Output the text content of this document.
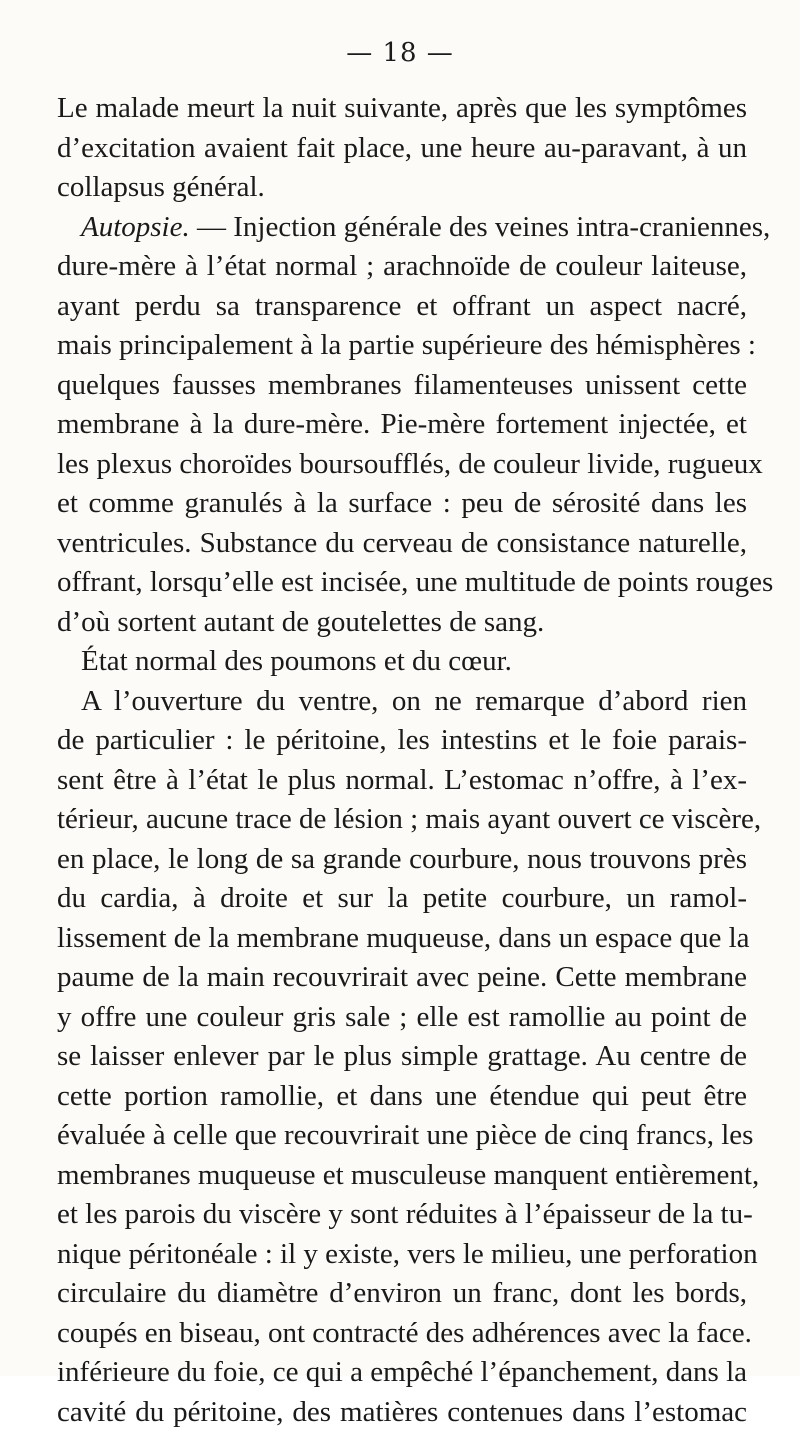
— 18 —
Le malade meurt la nuit suivante, après que les symptômes
d’excitation avaient fait place, une heure au-paravant, à un
collapsus général.
Autopsie. — Injection générale des veines intra-craniennes,
dure-mère à l’état normal ; arachnoïde de couleur laiteuse,
ayant perdu sa transparence et offrant un aspect nacré,
mais principalement à la partie supérieure des hémisphères :
quelques fausses membranes filamenteuses unissent cette
membrane à la dure-mère. Pie-mère fortement injectée, et
les plexus choroïdes boursoufflés, de couleur livide, rugueux
et comme granulés à la surface : peu de sérosité dans les
ventricules. Substance du cerveau de consistance naturelle,
offrant, lorsqu’elle est incisée, une multitude de points rouges
d’où sortent autant de goutelettes de sang.
État normal des poumons et du cœur.
A l’ouverture du ventre, on ne remarque d’abord rien
de particulier : le péritoine, les intestins et le foie parais-
sent être à l’état le plus normal. L’estomac n’offre, à l’ex-
térieur, aucune trace de lésion ; mais ayant ouvert ce viscère,
en place, le long de sa grande courbure, nous trouvons près
du cardia, à droite et sur la petite courbure, un ramol-
lissement de la membrane muqueuse, dans un espace que la
paume de la main recouvrirait avec peine. Cette membrane
y offre une couleur gris sale ; elle est ramollie au point de
se laisser enlever par le plus simple grattage. Au centre de
cette portion ramollie, et dans une étendue qui peut être
évaluée à celle que recouvrirait une pièce de cinq francs, les
membranes muqueuse et musculeuse manquent entièrement,
et les parois du viscère y sont réduites à l’épaisseur de la tu-
nique péritonéale : il y existe, vers le milieu, une perforation
circulaire du diamètre d’environ un franc, dont les bords,
coupés en biseau, ont contracté des adhérences avec la face.
inférieure du foie, ce qui a empêché l’épanchement, dans la
cavité du péritoine, des matières contenues dans l’estomac
